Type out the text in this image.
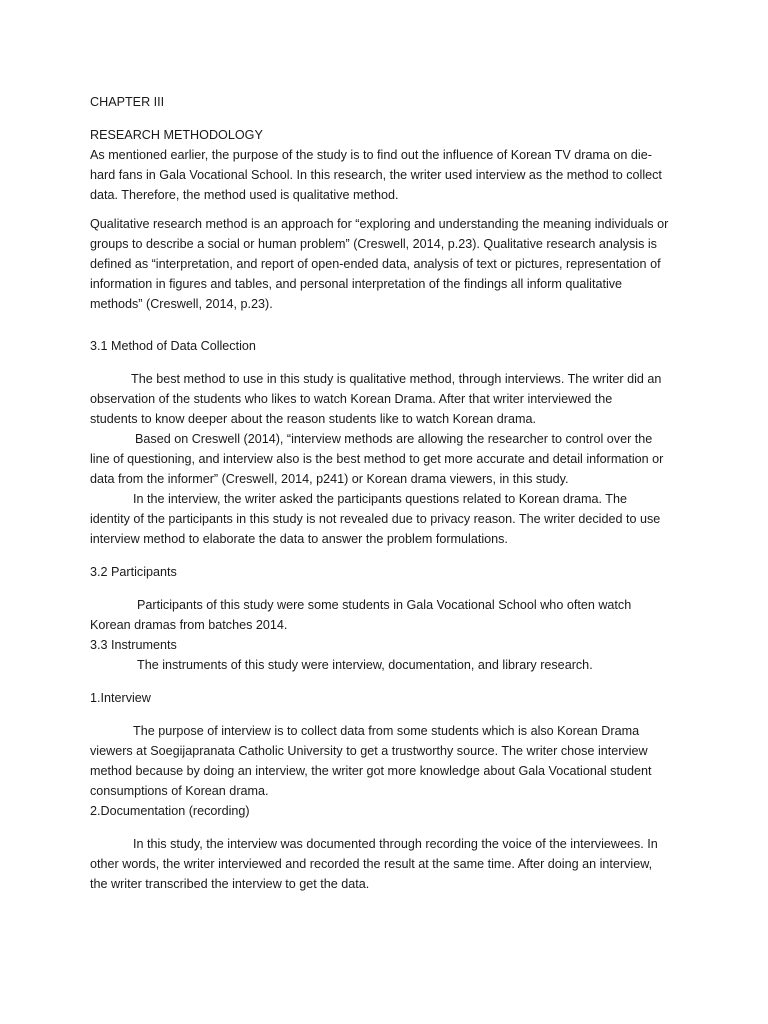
CHAPTER III
RESEARCH METHODOLOGY
As mentioned earlier, the purpose of the study is to find out the influence of Korean TV drama on die-
hard fans in Gala Vocational School. In this research, the writer used interview as the method to collect
data. Therefore, the method used is qualitative method.
Qualitative research method is an approach for “exploring and understanding the meaning individuals or
groups to describe a social or human problem” (Creswell, 2014, p.23). Qualitative research analysis is
defined as “interpretation, and report of open-ended data, analysis of text or pictures, representation of
information in figures and tables, and personal interpretation of the findings all inform qualitative
methods” (Creswell, 2014, p.23).
3.1 Method of Data Collection
The best method to use in this study is qualitative method, through interviews. The writer did an
observation of the students who likes to watch Korean Drama. After that writer interviewed the
students to know deeper about the reason students like to watch Korean drama.
Based on Creswell (2014), “interview methods are allowing the researcher to control over the
line of questioning, and interview also is the best method to get more accurate and detail information or
data from the informer” (Creswell, 2014, p241) or Korean drama viewers, in this study.
In the interview, the writer asked the participants questions related to Korean drama. The
identity of the participants in this study is not revealed due to privacy reason. The writer decided to use
interview method to elaborate the data to answer the problem formulations.
3.2 Participants
Participants of this study were some students in Gala Vocational School who often watch
Korean dramas from batches 2014.
3.3 Instruments
The instruments of this study were interview, documentation, and library research.
1.Interview
The purpose of interview is to collect data from some students which is also Korean Drama
viewers at Soegijapranata Catholic University to get a trustworthy source. The writer chose interview
method because by doing an interview, the writer got more knowledge about Gala Vocational student
consumptions of Korean drama.
2.Documentation (recording)
In this study, the interview was documented through recording the voice of the interviewees. In
other words, the writer interviewed and recorded the result at the same time. After doing an interview,
the writer transcribed the interview to get the data.
